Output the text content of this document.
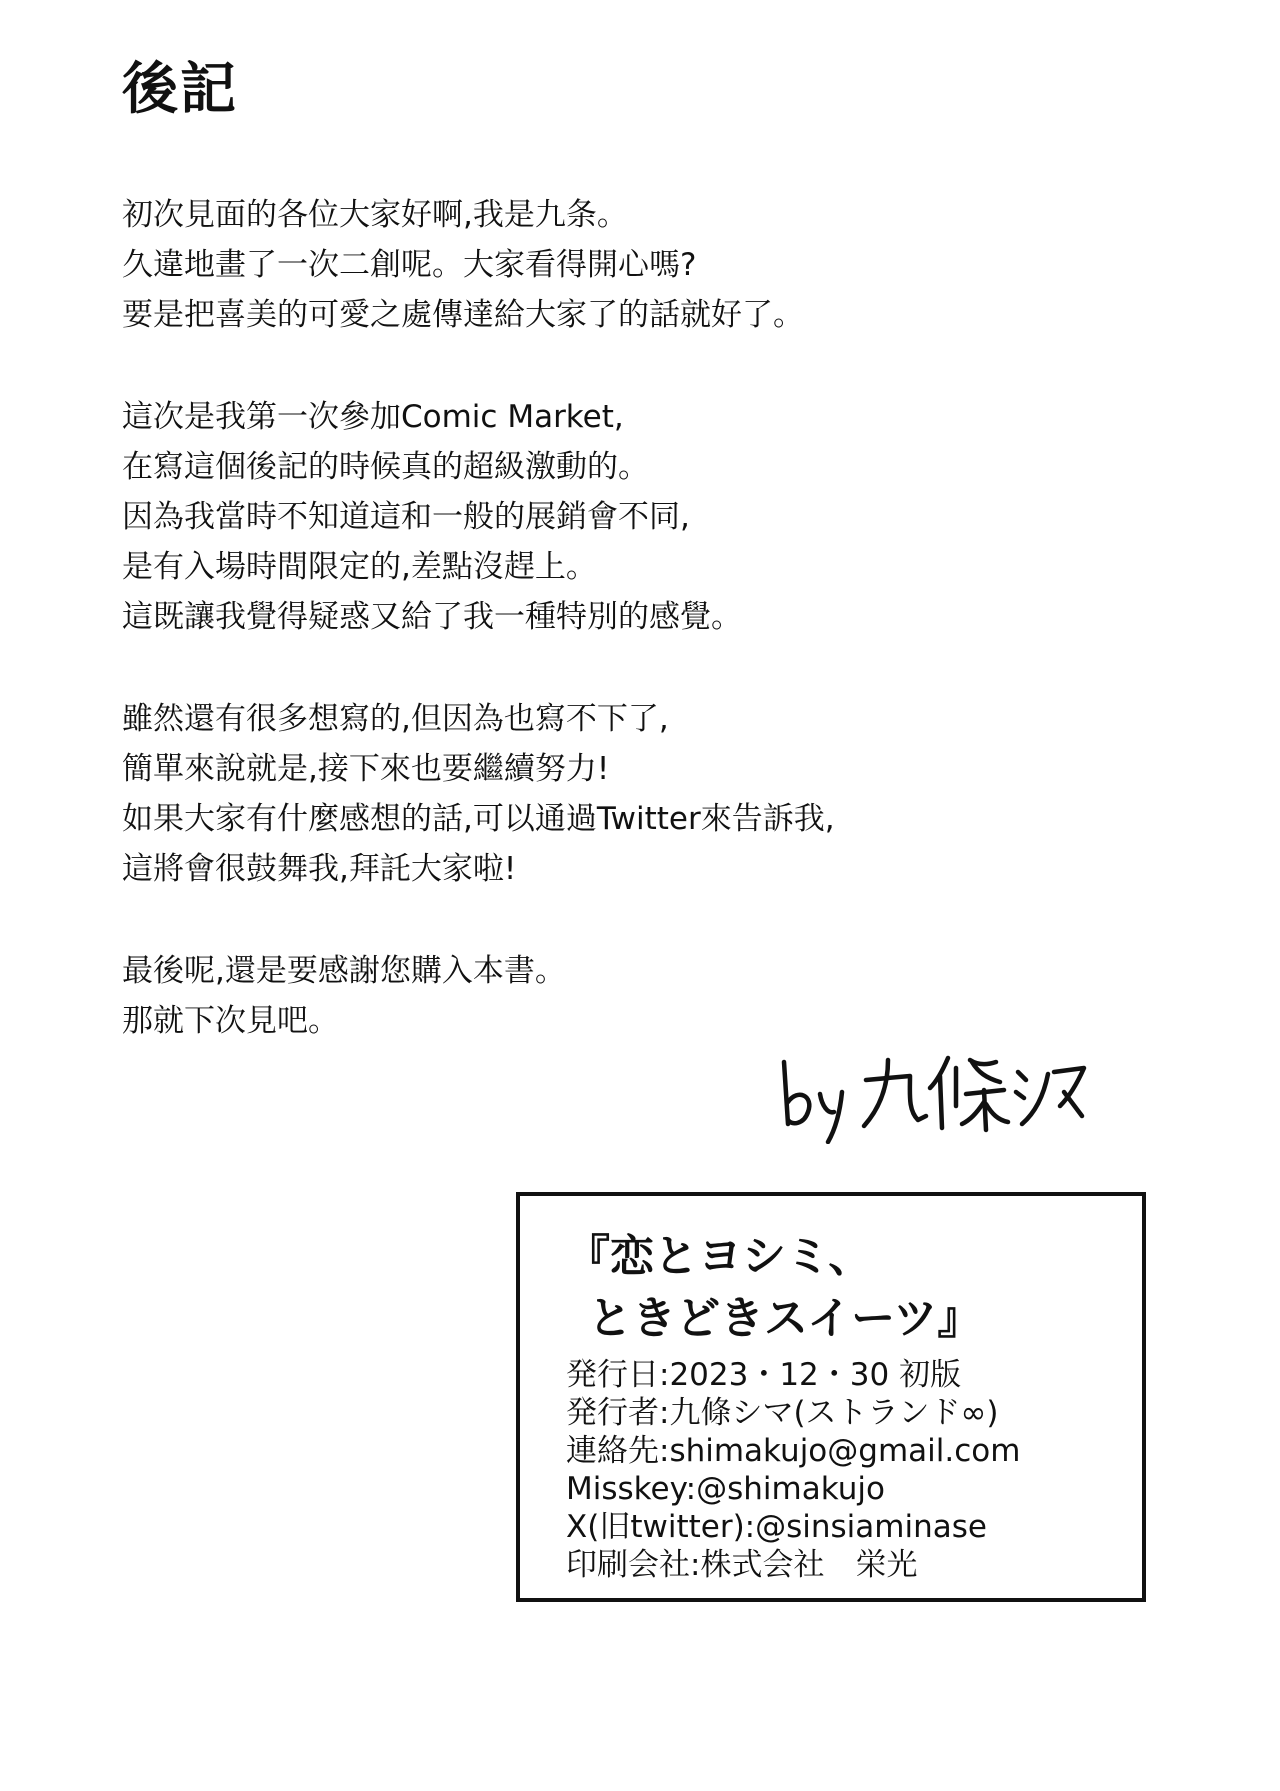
後記
初次見面的各位大家好啊,我是九条。
久違地畫了一次二創呢。大家看得開心嗎?
要是把喜美的可愛之處傳達給大家了的話就好了。
這次是我第一次參加Comic Market,
在寫這個後記的時候真的超級激動的。
因為我當時不知道這和一般的展銷會不同,
是有入場時間限定的,差點沒趕上。
這既讓我覺得疑惑又給了我一種特別的感覺。
雖然還有很多想寫的,但因為也寫不下了,
簡單來說就是,接下來也要繼續努力!
如果大家有什麼感想的話,可以通過Twitter來告訴我,
這將會很鼓舞我,拜託大家啦!
最後呢,還是要感謝您購入本書。
那就下次見吧。
『恋とヨシミ、
ときどきスイーツ』
発行日:2023・12・30 初版
発行者:九條シマ(ストランド∞)
連絡先:shimakujo@gmail.com
Misskey:@shimakujo
X(旧twitter):@sinsiaminase
印刷会社:株式会社　栄光
